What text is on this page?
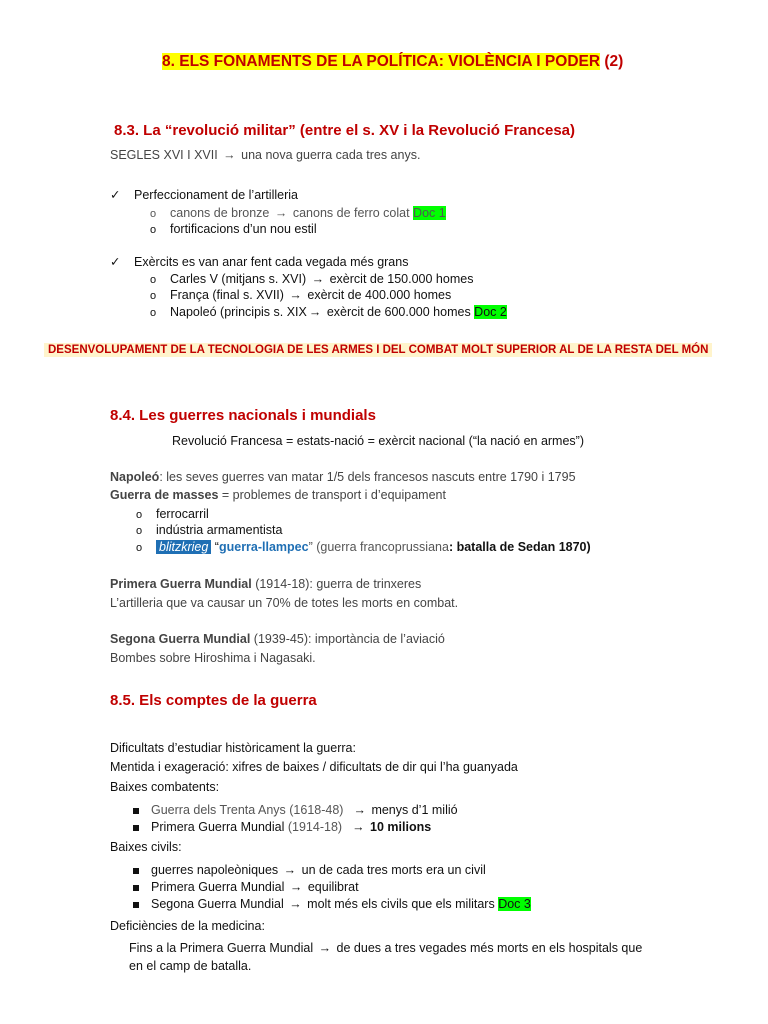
8. ELS FONAMENTS DE LA POLÍTICA: VIOLÈNCIA I PODER (2)
8.3. La “revolució militar” (entre el s. XV i la Revolució Francesa)
SEGLES XVI I XVII → una nova guerra cada tres anys.
✓ Perfeccionament de l’artilleria
o canons de bronze → canons de ferro colat Doc 1
o fortificacions d’un nou estil
✓ Exèrcits es van anar fent cada vegada més grans
o Carles V (mitjans s. XVI) → exèrcit de 150.000 homes
o França (final s. XVII) → exèrcit de 400.000 homes
o Napoleó (principis s. XIX → exèrcit de 600.000 homes Doc 2
DESENVOLUPAMENT DE LA TECNOLOGIA DE LES ARMES I DEL COMBAT MOLT SUPERIOR AL DE LA RESTA DEL MÓN
8.4. Les guerres nacionals i mundials
Revolució Francesa = estats-nació = exèrcit nacional (“la nació en armes”)
Napoleó: les seves guerres van matar 1/5 dels francesos nascuts entre 1790 i 1795
Guerra de masses = problemes de transport i d’equipament
o ferrocarril
o indústria armamentista
o blitzkrieg “guerra-llampec” (guerra francoprussiana: batalla de Sedan 1870)
Primera Guerra Mundial (1914-18): guerra de trinxeres
L’artilleria que va causar un 70% de totes les morts en combat.
Segona Guerra Mundial (1939-45): importància de l’aviació
Bombes sobre Hiroshima i Nagasaki.
8.5. Els comptes de la guerra
Dificultats d’estudiar històricament la guerra:
Mentida i exageració: xifres de baixes / dificultats de dir qui l’ha guanyada
Baixes combatents:
Guerra dels Trenta Anys (1618-48) → menys d’1 milió
Primera Guerra Mundial (1914-18) → 10 milions
Baixes civils:
guerres napoleòniques → un de cada tres morts era un civil
Primera Guerra Mundial → equilibrat
Segona Guerra Mundial → molt més els civils que els militars Doc 3
Deficiències de la medicina:
Fins a la Primera Guerra Mundial → de dues a tres vegades més morts en els hospitals que
en el camp de batalla.
